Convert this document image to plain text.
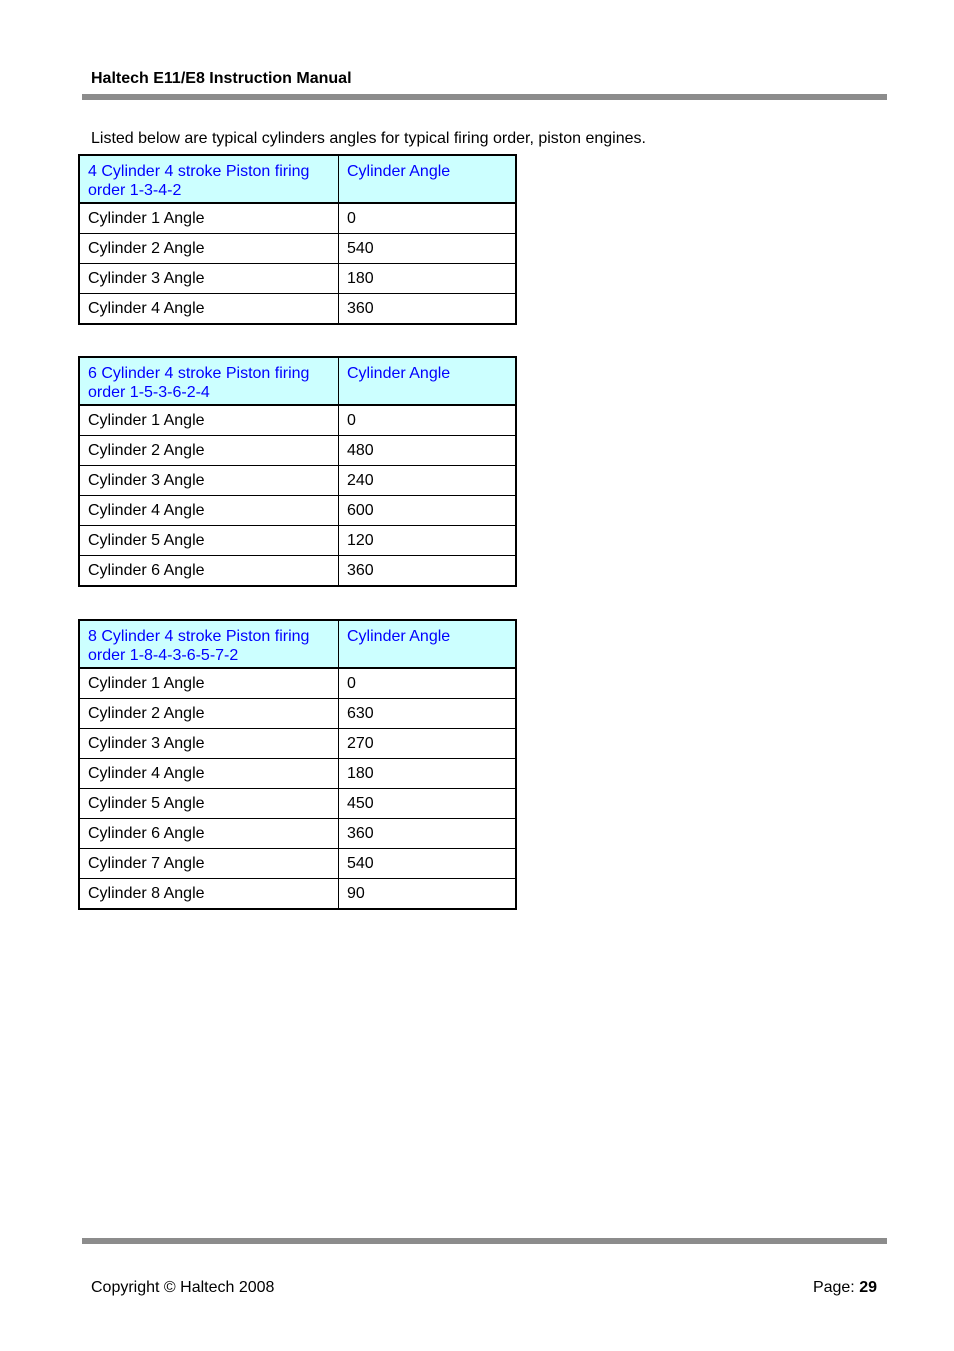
Haltech E11/E8 Instruction Manual
Listed below are typical cylinders angles for typical firing order, piston engines.
4 Cylinder 4 stroke Piston firing order 1-3-4-2	Cylinder Angle
Cylinder 1 Angle	0
Cylinder 2 Angle	540
Cylinder 3 Angle	180
Cylinder 4 Angle	360
6 Cylinder 4 stroke Piston firing order 1-5-3-6-2-4	Cylinder Angle
Cylinder 1 Angle	0
Cylinder 2 Angle	480
Cylinder 3 Angle	240
Cylinder 4 Angle	600
Cylinder 5 Angle	120
Cylinder 6 Angle	360
8 Cylinder 4 stroke Piston firing order 1-8-4-3-6-5-7-2	Cylinder Angle
Cylinder 1 Angle	0
Cylinder 2 Angle	630
Cylinder 3 Angle	270
Cylinder 4 Angle	180
Cylinder 5 Angle	450
Cylinder 6 Angle	360
Cylinder 7 Angle	540
Cylinder 8 Angle	90
Copyright © Haltech 2008	Page: 29
